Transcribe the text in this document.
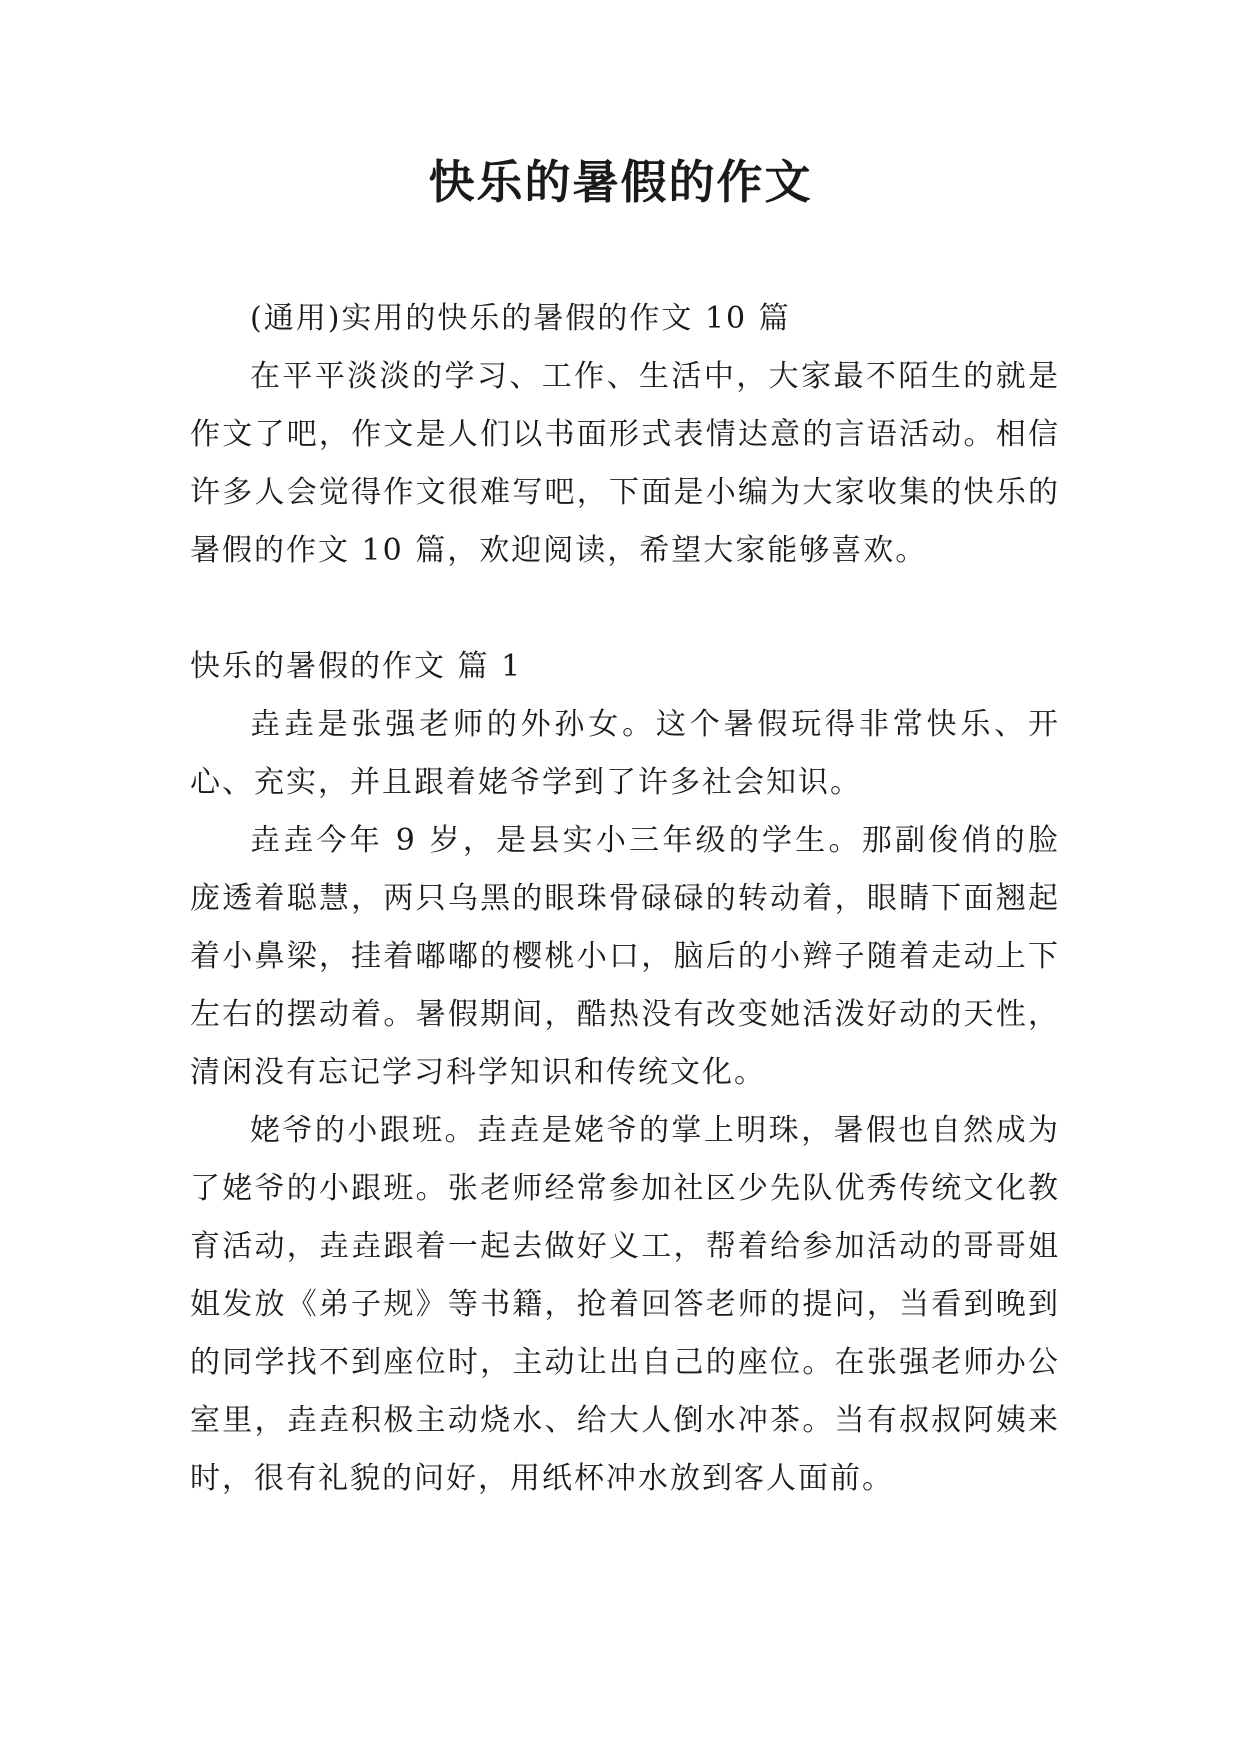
快乐的暑假的作文

(通用)实用的快乐的暑假的作文 10 篇

在平平淡淡的学习、工作、生活中，大家最不陌生的就是作文了吧，作文是人们以书面形式表情达意的言语活动。相信许多人会觉得作文很难写吧，下面是小编为大家收集的快乐的暑假的作文 10 篇，欢迎阅读，希望大家能够喜欢。

快乐的暑假的作文 篇 1

垚垚是张强老师的外孙女。这个暑假玩得非常快乐、开心、充实，并且跟着姥爷学到了许多社会知识。

垚垚今年 9 岁，是县实小三年级的学生。那副俊俏的脸庞透着聪慧，两只乌黑的眼珠骨碌碌的转动着，眼睛下面翘起着小鼻梁，挂着嘟嘟的樱桃小口，脑后的小辫子随着走动上下左右的摆动着。暑假期间，酷热没有改变她活泼好动的天性，清闲没有忘记学习科学知识和传统文化。

姥爷的小跟班。垚垚是姥爷的掌上明珠，暑假也自然成为了姥爷的小跟班。张老师经常参加社区少先队优秀传统文化教育活动，垚垚跟着一起去做好义工，帮着给参加活动的哥哥姐姐发放《弟子规》等书籍，抢着回答老师的提问，当看到晚到的同学找不到座位时，主动让出自己的座位。在张强老师办公室里，垚垚积极主动烧水、给大人倒水冲茶。当有叔叔阿姨来时，很有礼貌的问好，用纸杯冲水放到客人面前。
